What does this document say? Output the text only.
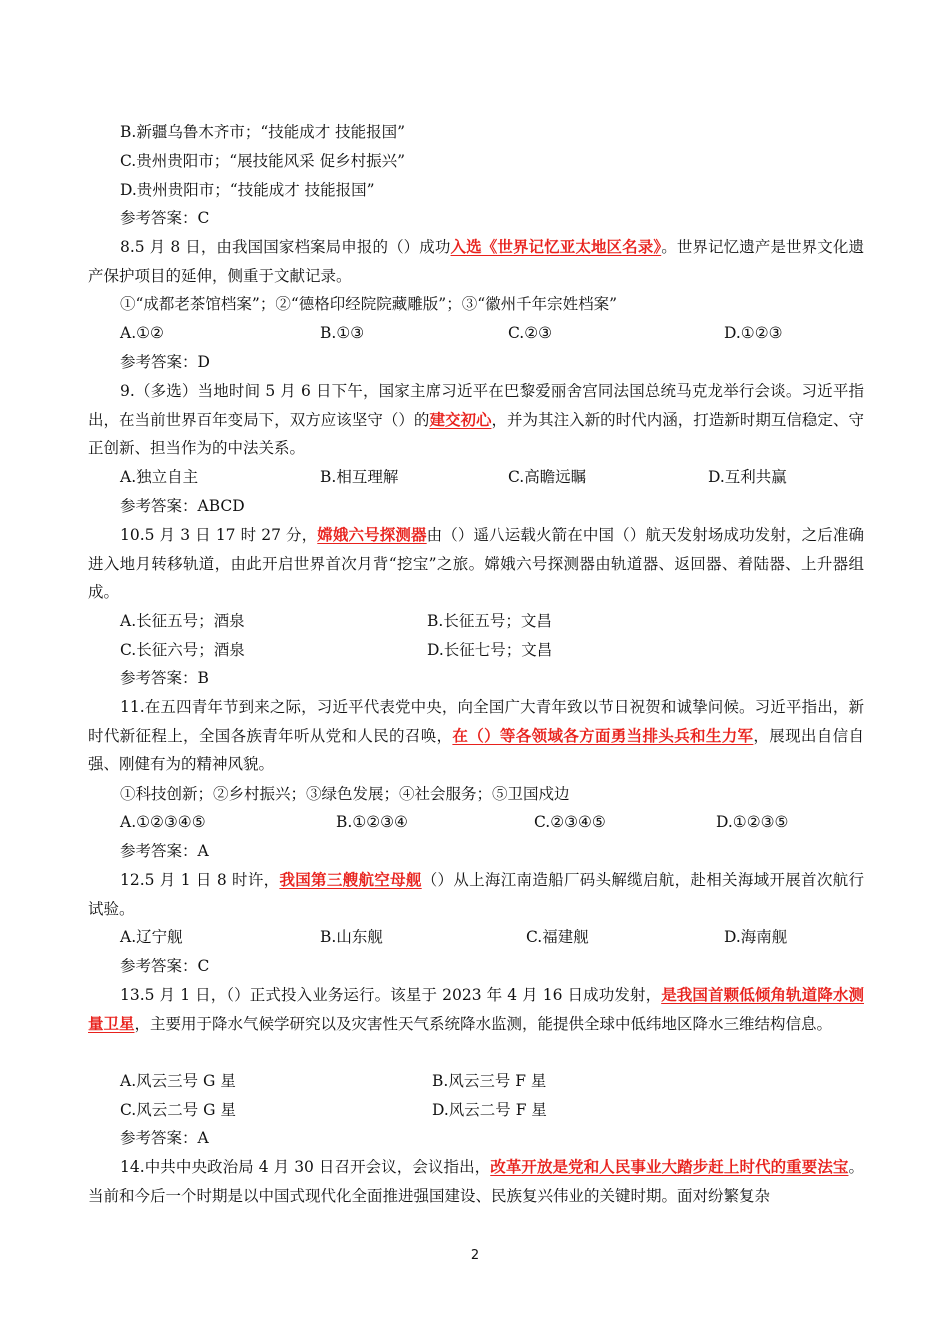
B.新疆乌鲁木齐市；“技能成才 技能报国”
C.贵州贵阳市；“展技能风采 促乡村振兴”
D.贵州贵阳市；“技能成才 技能报国”
参考答案：C
8.5 月 8 日，由我国国家档案局申报的（）成功入选《世界记忆亚太地区名录》。世界记忆遗产是世界文化遗产保护项目的延伸，侧重于文献记录。
①“成都老茶馆档案”；②“德格印经院院藏雕版”；③“徽州千年宗姓档案”
A.①②	B.①③	C.②③	D.①②③
参考答案：D
9.（多选）当地时间 5 月 6 日下午，国家主席习近平在巴黎爱丽舍宫同法国总统马克龙举行会谈。习近平指出，在当前世界百年变局下，双方应该坚守（）的建交初心，并为其注入新的时代内涵，打造新时期互信稳定、守正创新、担当作为的中法关系。
A.独立自主	B.相互理解	C.高瞻远瞩	D.互利共赢
参考答案：ABCD
10.5 月 3 日 17 时 27 分，嫦娥六号探测器由（）遥八运载火箭在中国（）航天发射场成功发射，之后准确进入地月转移轨道，由此开启世界首次月背“挖宝”之旅。嫦娥六号探测器由轨道器、返回器、着陆器、上升器组成。
A.长征五号；酒泉	B.长征五号；文昌
C.长征六号；酒泉	D.长征七号；文昌
参考答案：B
11.在五四青年节到来之际，习近平代表党中央，向全国广大青年致以节日祝贺和诚挚问候。习近平指出，新时代新征程上，全国各族青年听从党和人民的召唤，在（）等各领域各方面勇当排头兵和生力军，展现出自信自强、刚健有为的精神风貌。
①科技创新；②乡村振兴；③绿色发展；④社会服务；⑤卫国戍边
A.①②③④⑤	B.①②③④	C.②③④⑤	D.①②③⑤
参考答案：A
12.5 月 1 日 8 时许，我国第三艘航空母舰（）从上海江南造船厂码头解缆启航，赴相关海域开展首次航行试验。
A.辽宁舰	B.山东舰	C.福建舰	D.海南舰
参考答案：C
13.5 月 1 日，（）正式投入业务运行。该星于 2023 年 4 月 16 日成功发射，是我国首颗低倾角轨道降水测量卫星，主要用于降水气候学研究以及灾害性天气系统降水监测，能提供全球中低纬地区降水三维结构信息。
A.风云三号 G 星	B.风云三号 F 星
C.风云二号 G 星	D.风云二号 F 星
参考答案：A
14.中共中央政治局 4 月 30 日召开会议，会议指出，改革开放是党和人民事业大踏步赶上时代的重要法宝。当前和今后一个时期是以中国式现代化全面推进强国建设、民族复兴伟业的关键时期。面对纷繁复杂
2
